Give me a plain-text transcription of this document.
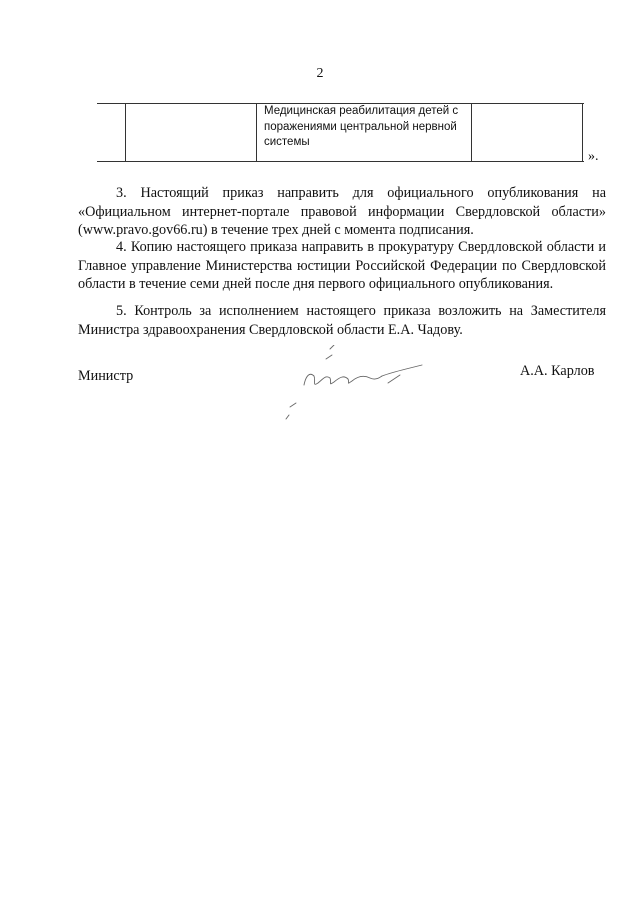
2
Медицинская реабилитация детей с поражениями центральной нервной системы
».

3. Настоящий приказ направить для официального опубликования на «Официальном интернет-портале правовой информации Свердловской области» (www.pravo.gov66.ru) в течение трех дней с момента подписания.

4. Копию настоящего приказа направить в прокуратуру Свердловской области и Главное управление Министерства юстиции Российской Федерации по Свердловской области в течение семи дней после дня первого официального опубликования.

5. Контроль за исполнением настоящего приказа возложить на Заместителя Министра здравоохранения Свердловской области Е.А. Чадову.

Министр	А.А. Карлов
